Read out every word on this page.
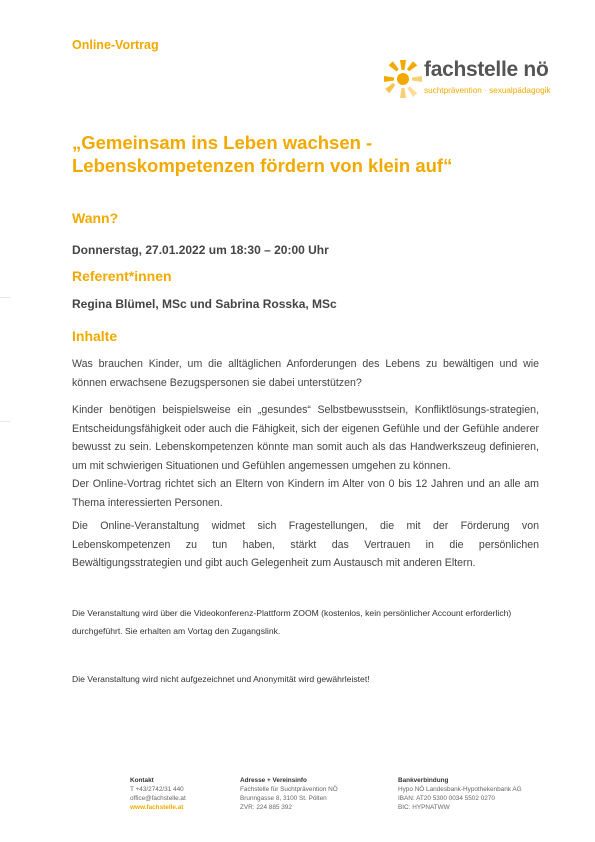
Online-Vortrag
fachstelle nö
suchtprävention · sexualpädagogik
„Gemeinsam ins Leben wachsen -
Lebenskompetenzen fördern von klein auf“
Wann?
Donnerstag, 27.01.2022 um 18:30 – 20:00 Uhr
Referent*innen
Regina Blümel, MSc und Sabrina Rosska, MSc
Inhalte

Was brauchen Kinder, um die alltäglichen Anforderungen des Lebens zu bewältigen und wie können erwachsene Bezugspersonen sie dabei unterstützen?

Kinder benötigen beispielsweise ein „gesundes“ Selbstbewusstsein, Konfliktlösungs-strategien, Entscheidungsfähigkeit oder auch die Fähigkeit, sich der eigenen Gefühle und der Gefühle anderer bewusst zu sein. Lebenskompetenzen könnte man somit auch als das Handwerkszeug definieren, um mit schwierigen Situationen und Gefühlen angemessen umgehen zu können.

Der Online-Vortrag richtet sich an Eltern von Kindern im Alter von 0 bis 12 Jahren und an alle am Thema interessierten Personen.

Die Online-Veranstaltung widmet sich Fragestellungen, die mit der Förderung von Lebenskompetenzen zu tun haben, stärkt das Vertrauen in die persönlichen Bewältigungsstrategien und gibt auch Gelegenheit zum Austausch mit anderen Eltern.

Die Veranstaltung wird über die Videokonferenz-Plattform ZOOM (kostenlos, kein persönlicher Account erforderlich) durchgeführt. Sie erhalten am Vortag den Zugangslink.

Die Veranstaltung wird nicht aufgezeichnet und Anonymität wird gewährleistet!

Kontakt
T +43/2742/31 440
office@fachstelle.at
www.fachstelle.at
Adresse + Vereinsinfo
Fachstelle für Suchtprävention NÖ
Brunngasse 8, 3100 St. Pölten
ZVR: 224 885 392
Bankverbindung
Hypo NÖ Landesbank-Hypothekenbank AG
IBAN: AT20 5300 0034 5502 0270
BIC: HYPNATWW
